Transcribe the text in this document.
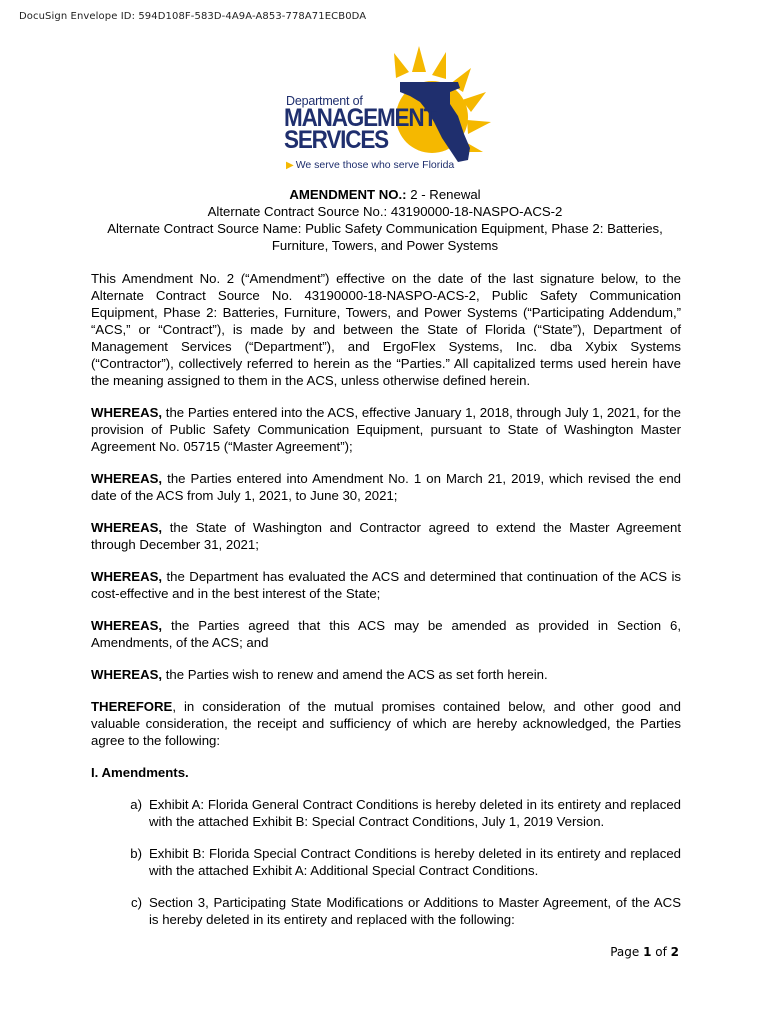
DocuSign Envelope ID: 594D108F-583D-4A9A-A853-778A71ECB0DA
Department of
MANAGEMENT
SERVICES
▶ We serve those who serve Florida
AMENDMENT NO.: 2 - Renewal
Alternate Contract Source No.: 43190000-18-NASPO-ACS-2
Alternate Contract Source Name: Public Safety Communication Equipment, Phase 2: Batteries, Furniture, Towers, and Power Systems

This Amendment No. 2 (“Amendment”) effective on the date of the last signature below, to the Alternate Contract Source No. 43190000-18-NASPO-ACS-2, Public Safety Communication Equipment, Phase 2: Batteries, Furniture, Towers, and Power Systems (“Participating Addendum,” “ACS,” or “Contract”), is made by and between the State of Florida (“State”), Department of Management Services (“Department”), and ErgoFlex Systems, Inc. dba Xybix Systems (“Contractor”), collectively referred to herein as the “Parties.” All capitalized terms used herein have the meaning assigned to them in the ACS, unless otherwise defined herein.

WHEREAS, the Parties entered into the ACS, effective January 1, 2018, through July 1, 2021, for the provision of Public Safety Communication Equipment, pursuant to State of Washington Master Agreement No. 05715 (“Master Agreement”);

WHEREAS, the Parties entered into Amendment No. 1 on March 21, 2019, which revised the end date of the ACS from July 1, 2021, to June 30, 2021;

WHEREAS, the State of Washington and Contractor agreed to extend the Master Agreement through December 31, 2021;

WHEREAS, the Department has evaluated the ACS and determined that continuation of the ACS is cost-effective and in the best interest of the State;

WHEREAS, the Parties agreed that this ACS may be amended as provided in Section 6, Amendments, of the ACS; and

WHEREAS, the Parties wish to renew and amend the ACS as set forth herein.

THEREFORE, in consideration of the mutual promises contained below, and other good and valuable consideration, the receipt and sufficiency of which are hereby acknowledged, the Parties agree to the following:

I. Amendments.
a) Exhibit A: Florida General Contract Conditions is hereby deleted in its entirety and replaced with the attached Exhibit B: Special Contract Conditions, July 1, 2019 Version.
b) Exhibit B: Florida Special Contract Conditions is hereby deleted in its entirety and replaced with the attached Exhibit A: Additional Special Contract Conditions.
c) Section 3, Participating State Modifications or Additions to Master Agreement, of the ACS is hereby deleted in its entirety and replaced with the following:
Page 1 of 2
